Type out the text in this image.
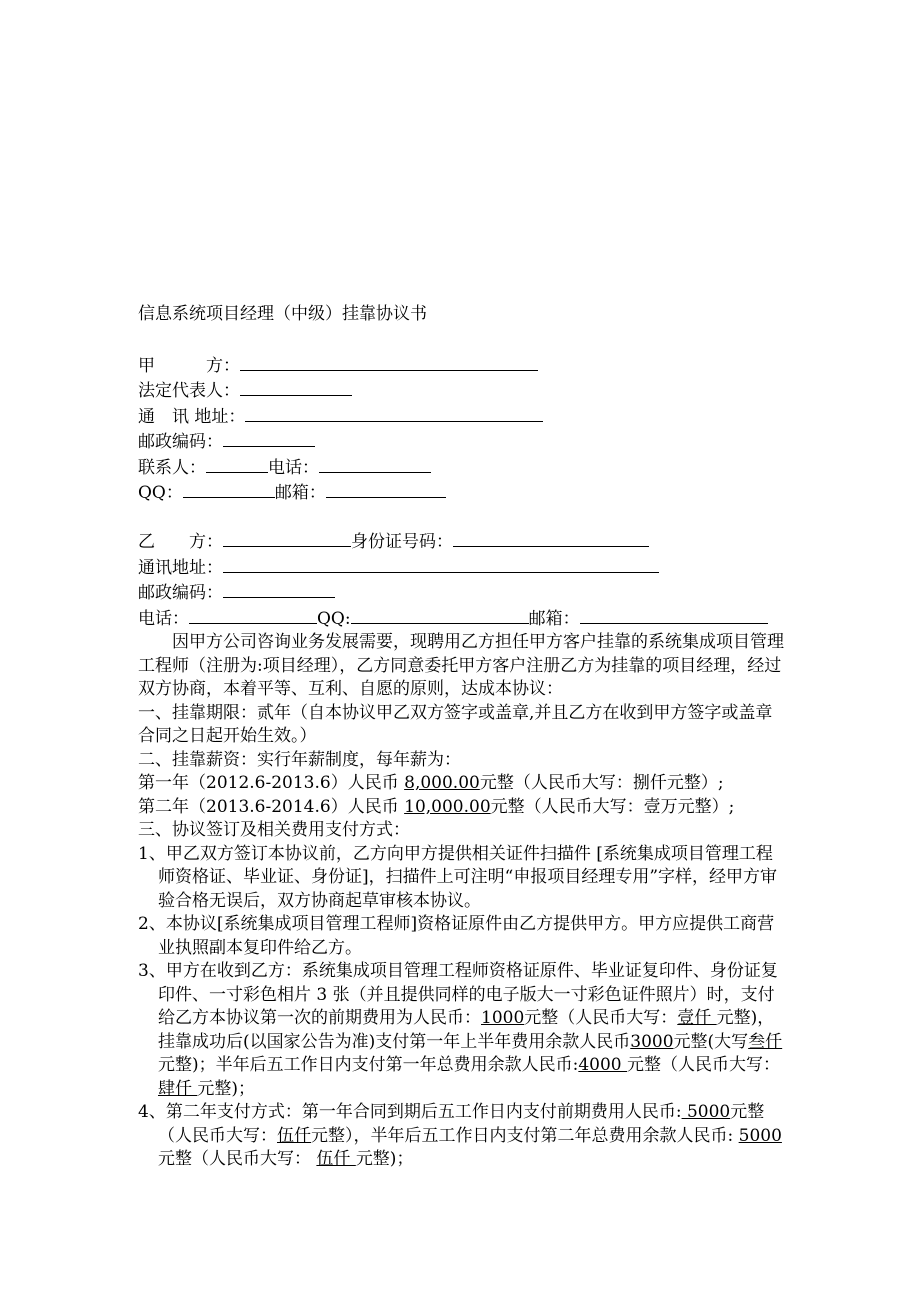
信息系统项目经理（中级）挂靠协议书
甲　　　方：
法定代表人：
通　讯 地址：
邮政编码：
联系人：	电话：
QQ：	邮箱：
乙　　方：	身份证号码：
通讯地址：
邮政编码：
电话：	QQ:	邮箱：
因甲方公司咨询业务发展需要，现聘用乙方担任甲方客户挂靠的系统集成项目管理工程师（注册为:项目经理），乙方同意委托甲方客户注册乙方为挂靠的项目经理，经过双方协商，本着平等、互利、自愿的原则，达成本协议：
一、挂靠期限：贰年（自本协议甲乙双方签字或盖章,并且乙方在收到甲方签字或盖章合同之日起开始生效。）
二、挂靠薪资：实行年薪制度，每年薪为：
第一年（2012.6-2013.6）人民币 8,000.00元整（人民币大写：捌仟元整）;
第二年（2013.6-2014.6）人民币 10,000.00元整（人民币大写：壹万元整）;
三、协议签订及相关费用支付方式：
1、甲乙双方签订本协议前，乙方向甲方提供相关证件扫描件 [系统集成项目管理工程师资格证、毕业证、身份证]，扫描件上可注明“申报项目经理专用”字样，经甲方审验合格无误后，双方协商起草审核本协议。
2、本协议[系统集成项目管理工程师]资格证原件由乙方提供甲方。甲方应提供工商营业执照副本复印件给乙方。
3、甲方在收到乙方：系统集成项目管理工程师资格证原件、毕业证复印件、身份证复印件、一寸彩色相片 3 张（并且提供同样的电子版大一寸彩色证件照片）时，支付给乙方本协议第一次的前期费用为人民币：1000元整（人民币大写：壹仟 元整)，挂靠成功后(以国家公告为准)支付第一年上半年费用余款人民币3000元整(大写叁仟元整)；半年后五工作日内支付第一年总费用余款人民币:4000 元整（人民币大写： 肆仟 元整)；
4、第二年支付方式：第一年合同到期后五工作日内支付前期费用人民币: 5000元整（人民币大写：伍仟元整），半年后五工作日内支付第二年总费用余款人民币: 5000 元整（人民币大写： 伍仟 元整)；
